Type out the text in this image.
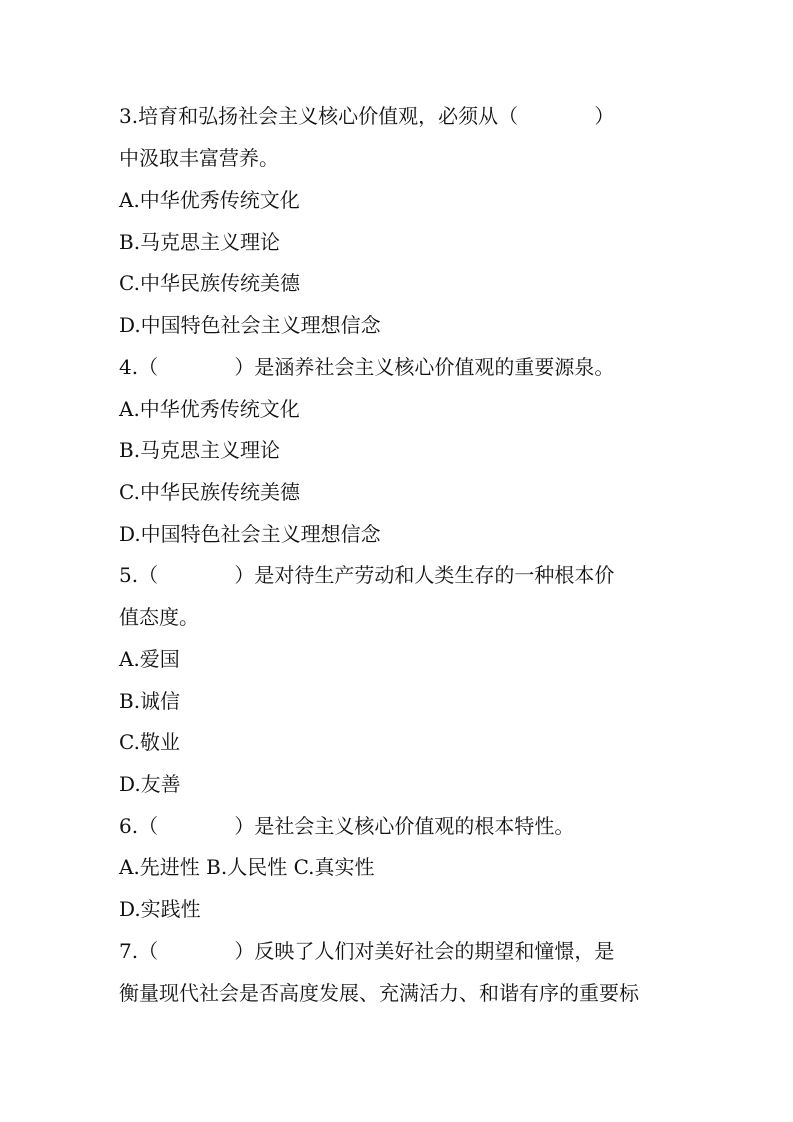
3.培育和弘扬社会主义核心价值观，必须从（            ）
中汲取丰富营养。
A.中华优秀传统文化
B.马克思主义理论
C.中华民族传统美德
D.中国特色社会主义理想信念
4.（            ）是涵养社会主义核心价值观的重要源泉。
A.中华优秀传统文化
B.马克思主义理论
C.中华民族传统美德
D.中国特色社会主义理想信念
5.（            ）是对待生产劳动和人类生存的一种根本价
值态度。
A.爱国
B.诚信
C.敬业
D.友善
6.（            ）是社会主义核心价值观的根本特性。
A.先进性 B.人民性 C.真实性
D.实践性
7.（            ）反映了人们对美好社会的期望和憧憬，是
衡量现代社会是否高度发展、充满活力、和谐有序的重要标
